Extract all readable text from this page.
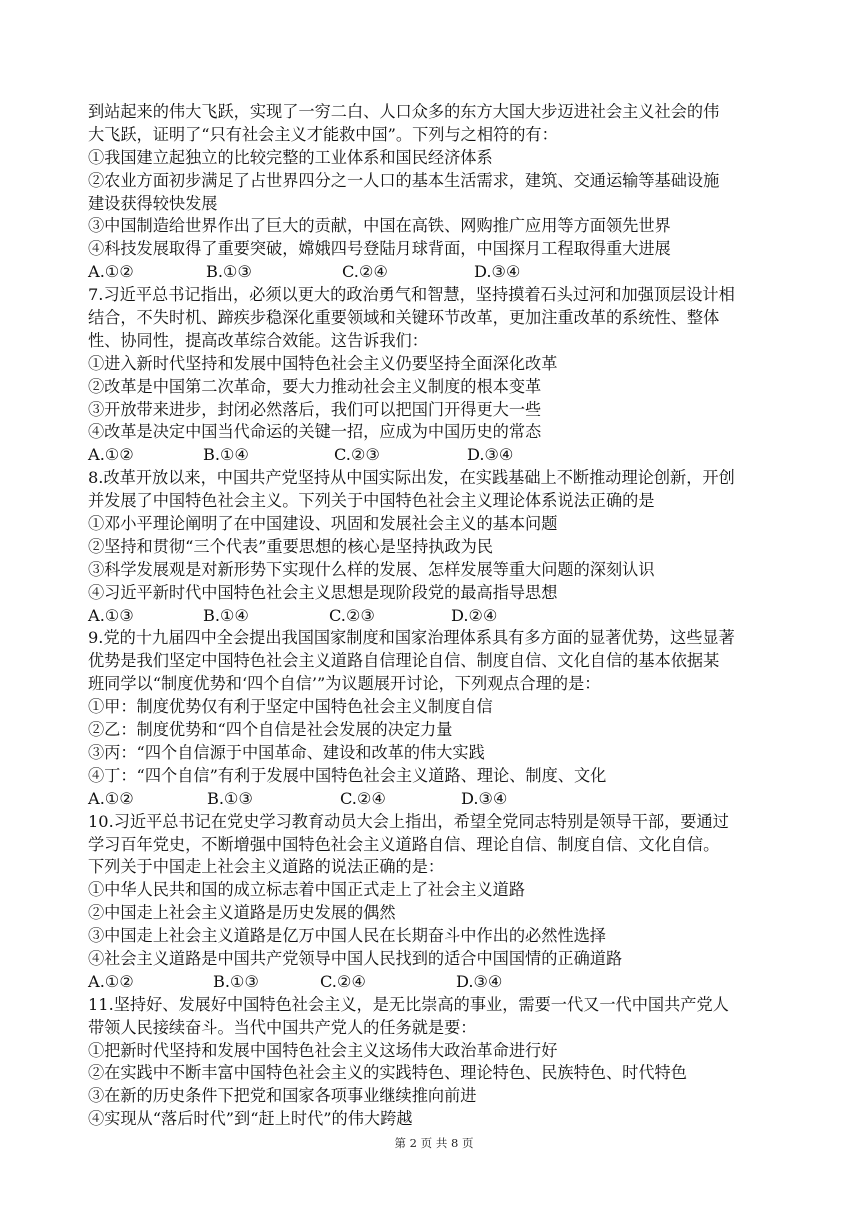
到站起来的伟大飞跃，实现了一穷二白、人口众多的东方大国大步迈进社会主义社会的伟
大飞跃，证明了“只有社会主义才能救中国”。下列与之相符的有：
①我国建立起独立的比较完整的工业体系和国民经济体系
②农业方面初步满足了占世界四分之一人口的基本生活需求，建筑、交通运输等基础设施
建设获得较快发展
③中国制造给世界作出了巨大的贡献，中国在高铁、网购推广应用等方面领先世界
④科技发展取得了重要突破，嫦娥四号登陆月球背面，中国探月工程取得重大进展
A.①②	B.①③	C.②④	D.③④
7.习近平总书记指出，必须以更大的政治勇气和智慧，坚持摸着石头过河和加强顶层设计相
结合，不失时机、蹄疾步稳深化重要领域和关键环节改革，更加注重改革的系统性、整体
性、协同性，提高改革综合效能。这告诉我们：
①进入新时代坚持和发展中国特色社会主义仍要坚持全面深化改革
②改革是中国第二次革命，要大力推动社会主义制度的根本变革
③开放带来进步，封闭必然落后，我们可以把国门开得更大一些
④改革是决定中国当代命运的关键一招，应成为中国历史的常态
A.①②	B.①④	C.②③	D.③④
8.改革开放以来，中国共产党坚持从中国实际出发，在实践基础上不断推动理论创新，开创
并发展了中国特色社会主义。下列关于中国特色社会主义理论体系说法正确的是
①邓小平理论阐明了在中国建设、巩固和发展社会主义的基本问题
②坚持和贯彻“三个代表”重要思想的核心是坚持执政为民
③科学发展观是对新形势下实现什么样的发展、怎样发展等重大问题的深刻认识
④习近平新时代中国特色社会主义思想是现阶段党的最高指导思想
A.①③	B.①④	C.②③	D.②④
9.党的十九届四中全会提出我国国家制度和国家治理体系具有多方面的显著优势，这些显著
优势是我们坚定中国特色社会主义道路自信理论自信、制度自信、文化自信的基本依据某
班同学以“制度优势和‘四个自信’”为议题展开讨论，下列观点合理的是：
①甲：制度优势仅有利于坚定中国特色社会主义制度自信
②乙：制度优势和“四个自信是社会发展的决定力量
③丙：“四个自信源于中国革命、建设和改革的伟大实践
④丁：“四个自信”有利于发展中国特色社会主义道路、理论、制度、文化
A.①②	B.①③	C.②④	D.③④
10.习近平总书记在党史学习教育动员大会上指出，希望全党同志特别是领导干部，要通过
学习百年党史，不断增强中国特色社会主义道路自信、理论自信、制度自信、文化自信。
下列关于中国走上社会主义道路的说法正确的是：
①中华人民共和国的成立标志着中国正式走上了社会主义道路
②中国走上社会主义道路是历史发展的偶然
③中国走上社会主义道路是亿万中国人民在长期奋斗中作出的必然性选择
④社会主义道路是中国共产党领导中国人民找到的适合中国国情的正确道路
A.①②	B.①③	C.②④	D.③④
11.坚持好、发展好中国特色社会主义，是无比崇高的事业，需要一代又一代中国共产党人
带领人民接续奋斗。当代中国共产党人的任务就是要：
①把新时代坚持和发展中国特色社会主义这场伟大政治革命进行好
②在实践中不断丰富中国特色社会主义的实践特色、理论特色、民族特色、时代特色
③在新的历史条件下把党和国家各项事业继续推向前进
④实现从“落后时代”到“赶上时代”的伟大跨越
第 2 页 共 8 页
